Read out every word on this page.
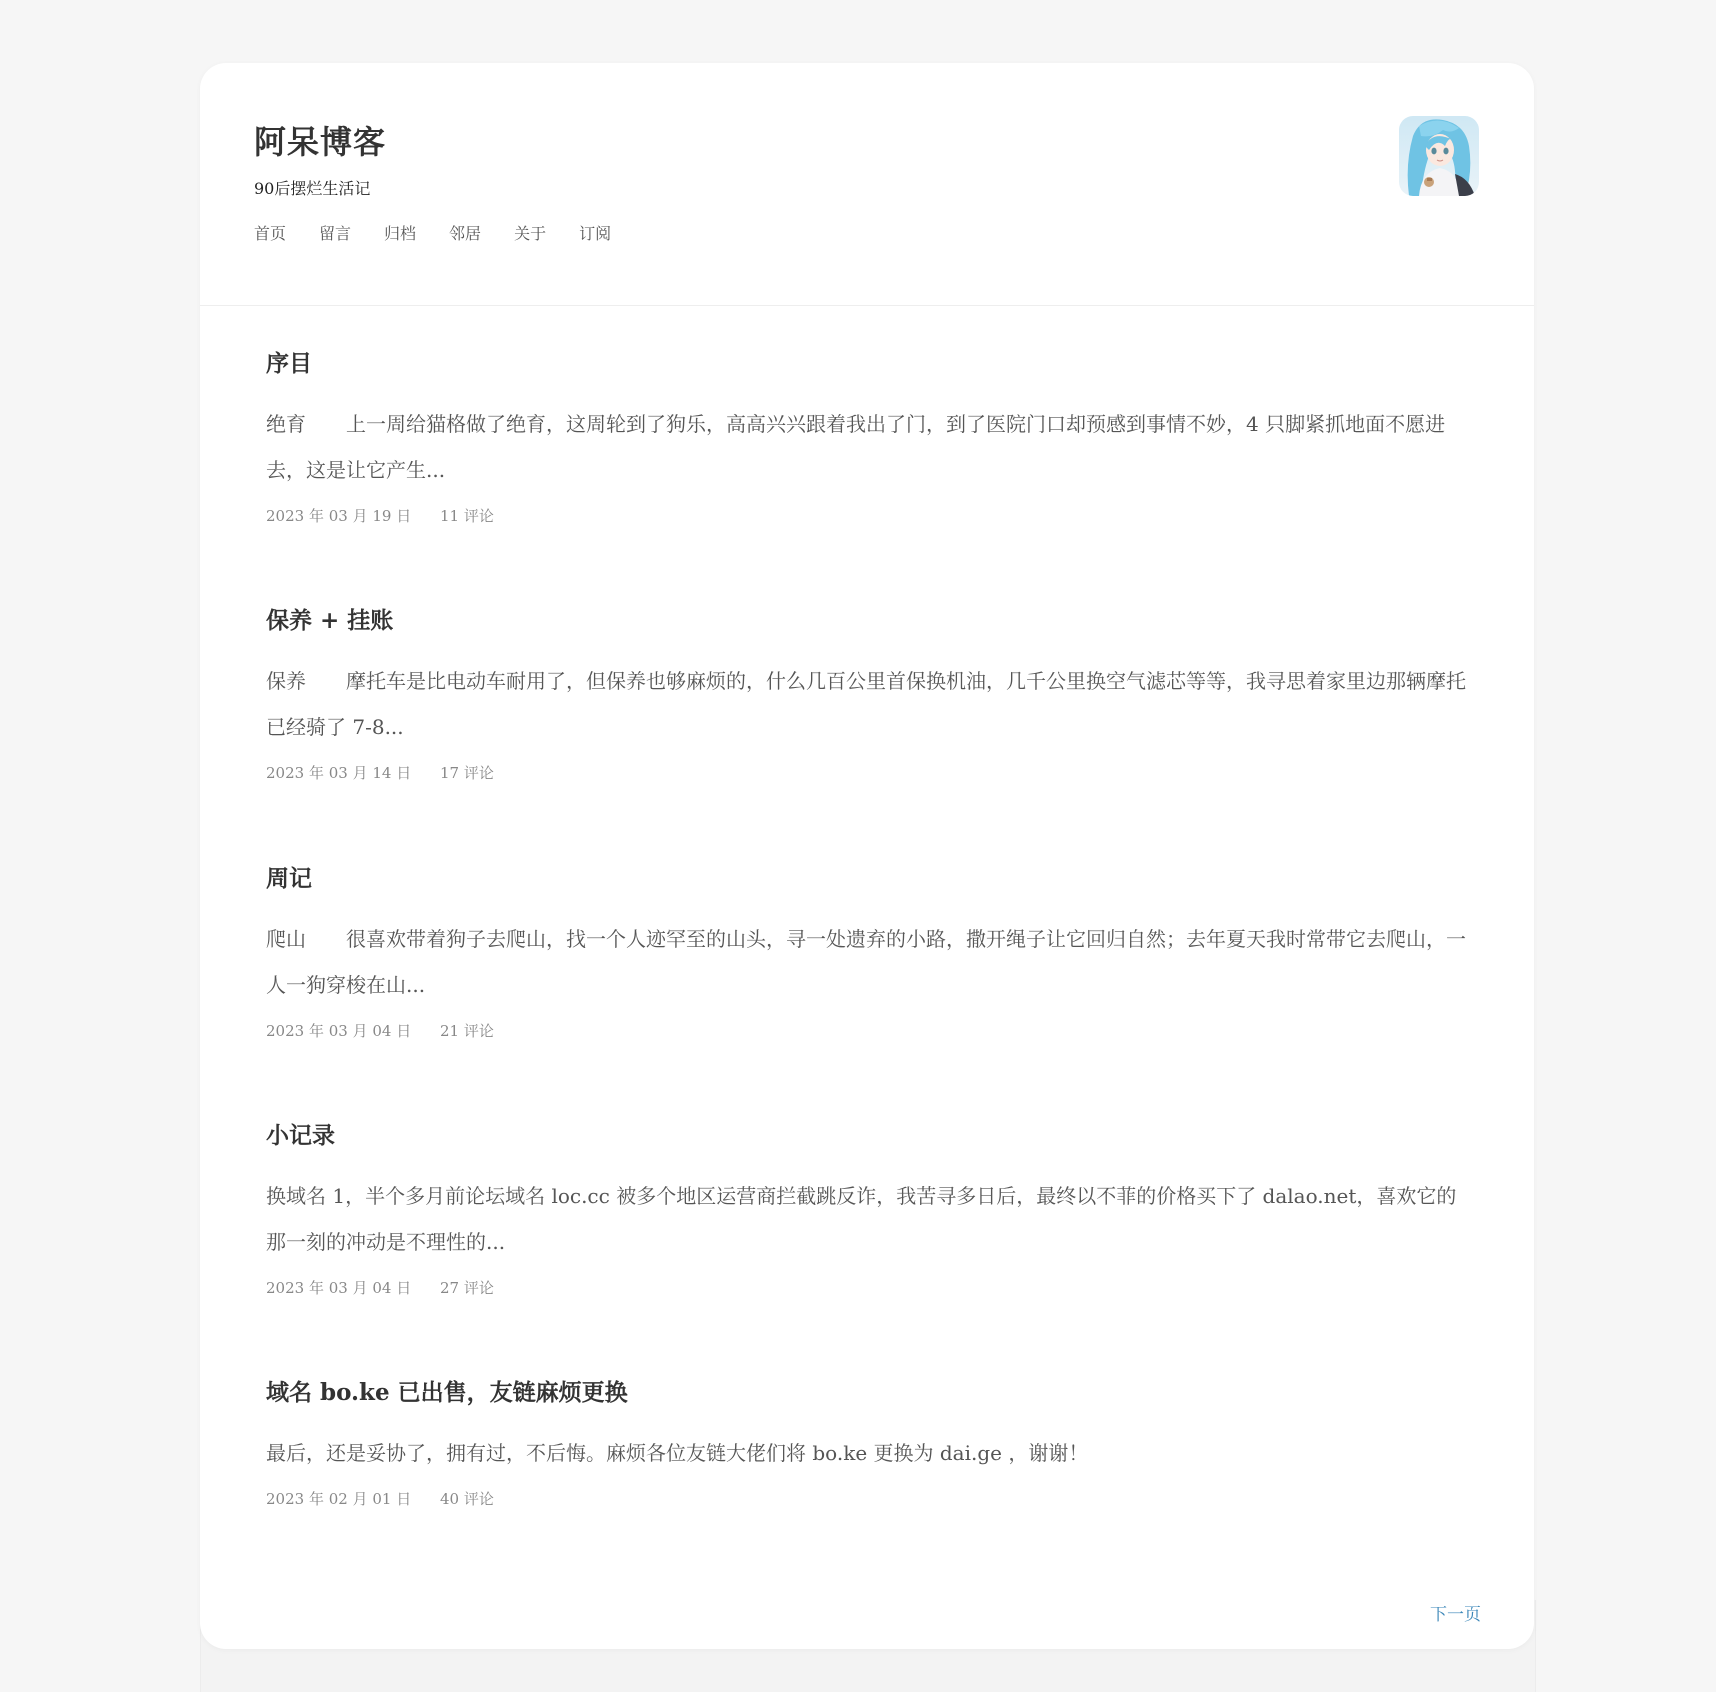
阿呆博客
90后摆烂生活记
首页 留言 归档 邻居 关于 订阅
序目
绝育　　上一周给猫格做了绝育，这周轮到了狗乐，高高兴兴跟着我出了门，到了医院门口却预感到事情不妙，4 只脚紧抓地面不愿进去，这是让它产生...
2023 年 03 月 19 日 11 评论
保养 + 挂账
保养　　摩托车是比电动车耐用了，但保养也够麻烦的，什么几百公里首保换机油，几千公里换空气滤芯等等，我寻思着家里边那辆摩托已经骑了 7-8...
2023 年 03 月 14 日 17 评论
周记
爬山　　很喜欢带着狗子去爬山，找一个人迹罕至的山头，寻一处遗弃的小路，撒开绳子让它回归自然；去年夏天我时常带它去爬山，一人一狗穿梭在山...
2023 年 03 月 04 日 21 评论
小记录
换域名 1，半个多月前论坛域名 loc.cc 被多个地区运营商拦截跳反诈，我苦寻多日后，最终以不菲的价格买下了 dalao.net，喜欢它的那一刻的冲动是不理性的...
2023 年 03 月 04 日 27 评论
域名 bo.ke 已出售，友链麻烦更换
最后，还是妥协了，拥有过，不后悔。麻烦各位友链大佬们将 bo.ke 更换为 dai.ge ，谢谢！
2023 年 02 月 01 日 40 评论
下一页
